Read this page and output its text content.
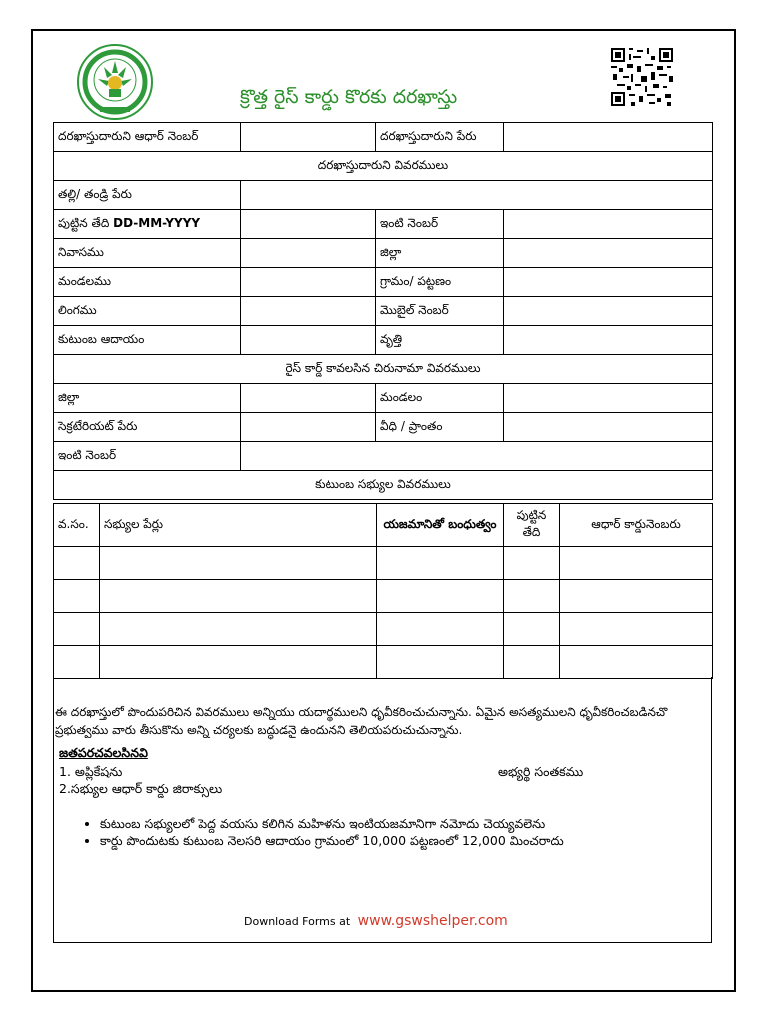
క్రొత్త రైస్ కార్డు కొరకు దరఖాస్తు
దరఖాస్తుదారుని ఆధార్ నెంబర్		దరఖాస్తుదారుని పేరు	
దరఖాస్తుదారుని వివరములు			
తల్లి/ తండ్రి పేరు			
పుట్టిన తేది DD-MM-YYYY		ఇంటి నెంబర్	
నివాసము		జిల్లా	
మండలము		గ్రామం/ పట్టణం	
లింగము		మొబైల్ నెంబర్	
కుటుంబ ఆదాయం		వృత్తి	
రైస్ కార్డ్ కావలసిన చిరునామా వివరములు			
జిల్లా		మండలం	
సెక్రటేరియట్ పేరు		వీధి / ప్రాంతం	
ఇంటి నెంబర్			
కుటుంబ సభ్యుల వివరములు			
వ.సం.	సభ్యుల పేర్లు	యజమానితో బంధుత్వం	పుట్టిన తేది	ఆధార్ కార్డునెంబరు

ఈ దరఖాస్తులో పొందుపరిచిన వివరములు అన్నియు యదార్థములని ధృవీకరించుచున్నాను. ఏమైన అసత్యములని ధృవీకరించబడినచొ ప్రభుత్వము వారు తీసుకొను అన్ని చర్యలకు బద్ధుడనై ఉందునని తెలియపరుచుచున్నాను.
జతపరచవలసినవి
1. అప్లికేషను
2.సభ్యుల ఆధార్ కార్డు జిరాక్సులు
అభ్యర్థి సంతకము
• కుటుంబ సభ్యులలో పెద్ద వయసు కలిగిన మహిళను ఇంటియజమానిగా నమోదు చెయ్యవలెను
• కార్డు పొందుటకు కుటుంబ నెలసరి ఆదాయం గ్రామంలో 10,000 పట్టణంలో 12,000 మించరాదు
Download Forms at www.gswshelper.com
